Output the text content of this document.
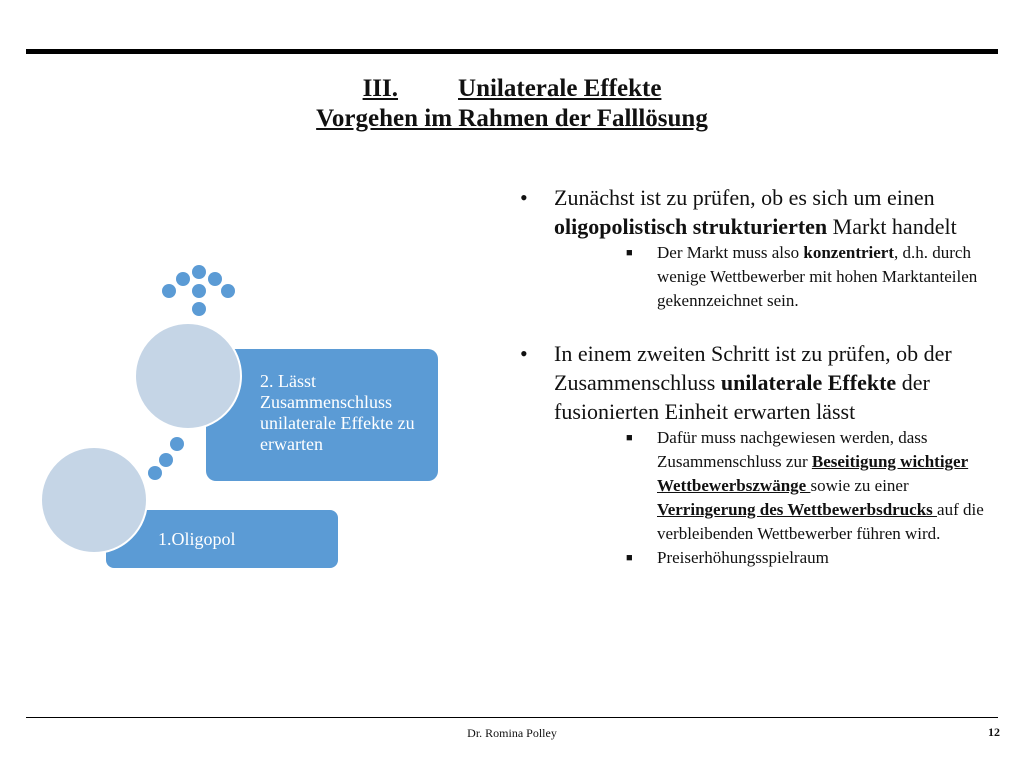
III. Unilaterale Effekte
Vorgehen im Rahmen der Falllösung
2. Lässt Zusammenschluss unilaterale Effekte zu erwarten
1.Oligopol
• Zunächst ist zu prüfen, ob es sich um einen oligopolistisch strukturierten Markt handelt
■ Der Markt muss also konzentriert, d.h. durch wenige Wettbewerber mit hohen Marktanteilen gekennzeichnet sein.
• In einem zweiten Schritt ist zu prüfen, ob der Zusammenschluss unilaterale Effekte der fusionierten Einheit erwarten lässt
■ Dafür muss nachgewiesen werden, dass Zusammenschluss zur Beseitigung wichtiger Wettbewerbszwänge sowie zu einer Verringerung des Wettbewerbsdrucks auf die verbleibenden Wettbewerber führen wird.
■ Preiserhöhungsspielraum
Dr. Romina Polley	12
